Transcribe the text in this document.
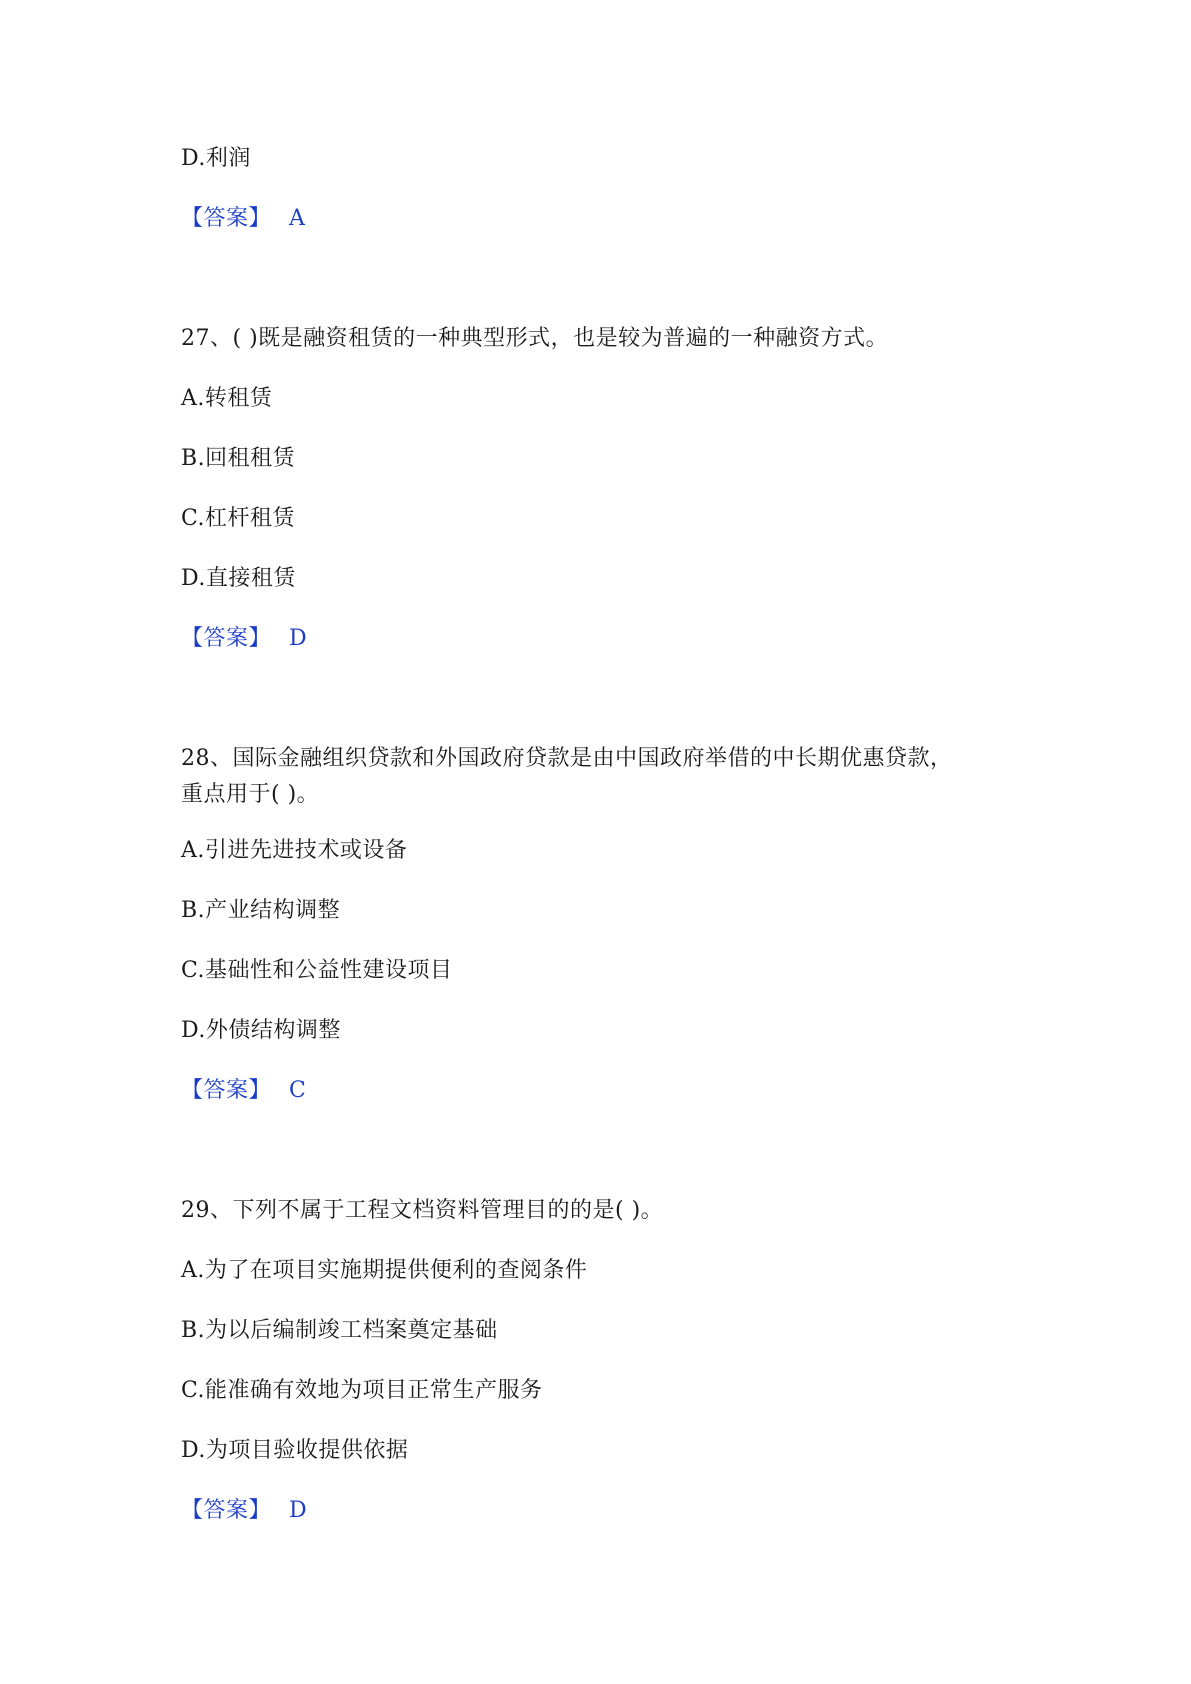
D.利润
【答案】 A
27、( )既是融资租赁的一种典型形式，也是较为普遍的一种融资方式。
A.转租赁
B.回租租赁
C.杠杆租赁
D.直接租赁
【答案】 D
28、国际金融组织贷款和外国政府贷款是由中国政府举借的中长期优惠贷款，
重点用于( )。
A.引进先进技术或设备
B.产业结构调整
C.基础性和公益性建设项目
D.外债结构调整
【答案】 C
29、下列不属于工程文档资料管理目的的是( )。
A.为了在项目实施期提供便利的查阅条件
B.为以后编制竣工档案奠定基础
C.能准确有效地为项目正常生产服务
D.为项目验收提供依据
【答案】 D
